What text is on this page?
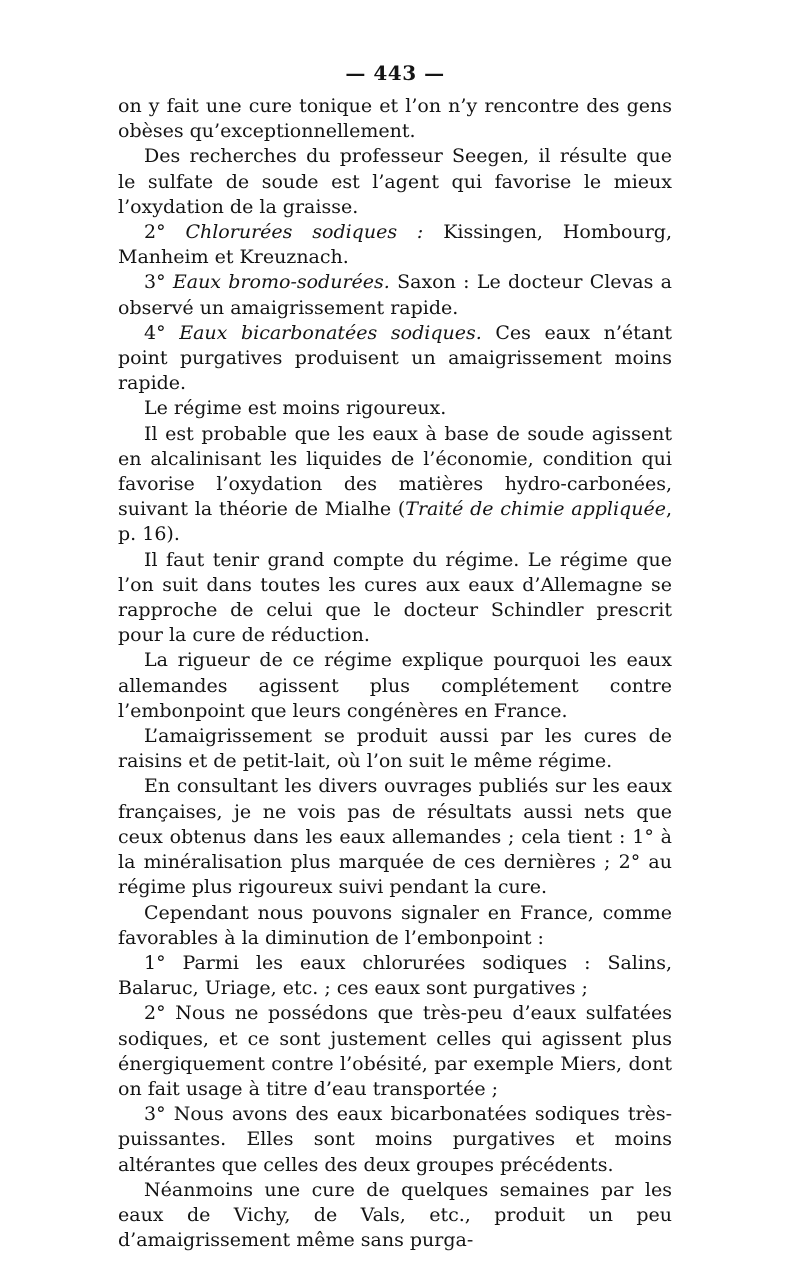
— 443 —

on y fait une cure tonique et l’on n’y rencontre des gens obèses qu’exceptionnellement.

Des recherches du professeur Seegen, il résulte que le sulfate de soude est l’agent qui favorise le mieux l’oxydation de la graisse.

2° Chlorurées sodiques : Kissingen, Hombourg, Manheim et Kreuznach.

3° Eaux bromo-sodurées. Saxon : Le docteur Clevas a observé un amaigrissement rapide.

4° Eaux bicarbonatées sodiques. Ces eaux n’étant point purgatives produisent un amaigrissement moins rapide.

Le régime est moins rigoureux.

Il est probable que les eaux à base de soude agissent en alcalinisant les liquides de l’économie, condition qui favorise l’oxydation des matières hydro-carbonées, suivant la théorie de Mialhe (Traité de chimie appliquée, p. 16).

Il faut tenir grand compte du régime. Le régime que l’on suit dans toutes les cures aux eaux d’Allemagne se rapproche de celui que le docteur Schindler prescrit pour la cure de réduction.

La rigueur de ce régime explique pourquoi les eaux allemandes agissent plus complétement contre l’embonpoint que leurs congénères en France.

L’amaigrissement se produit aussi par les cures de raisins et de petit-lait, où l’on suit le même régime.

En consultant les divers ouvrages publiés sur les eaux françaises, je ne vois pas de résultats aussi nets que ceux obtenus dans les eaux allemandes ; cela tient : 1° à la minéralisation plus marquée de ces dernières ; 2° au régime plus rigoureux suivi pendant la cure.

Cependant nous pouvons signaler en France, comme favorables à la diminution de l’embonpoint :

1° Parmi les eaux chlorurées sodiques : Salins, Balaruc, Uriage, etc. ; ces eaux sont purgatives ;

2° Nous ne possédons que très-peu d’eaux sulfatées sodiques, et ce sont justement celles qui agissent plus énergiquement contre l’obésité, par exemple Miers, dont on fait usage à titre d’eau transportée ;

3° Nous avons des eaux bicarbonatées sodiques très-puissantes. Elles sont moins purgatives et moins altérantes que celles des deux groupes précédents.

Néanmoins une cure de quelques semaines par les eaux de Vichy, de Vals, etc., produit un peu d’amaigrissement même sans purga-
